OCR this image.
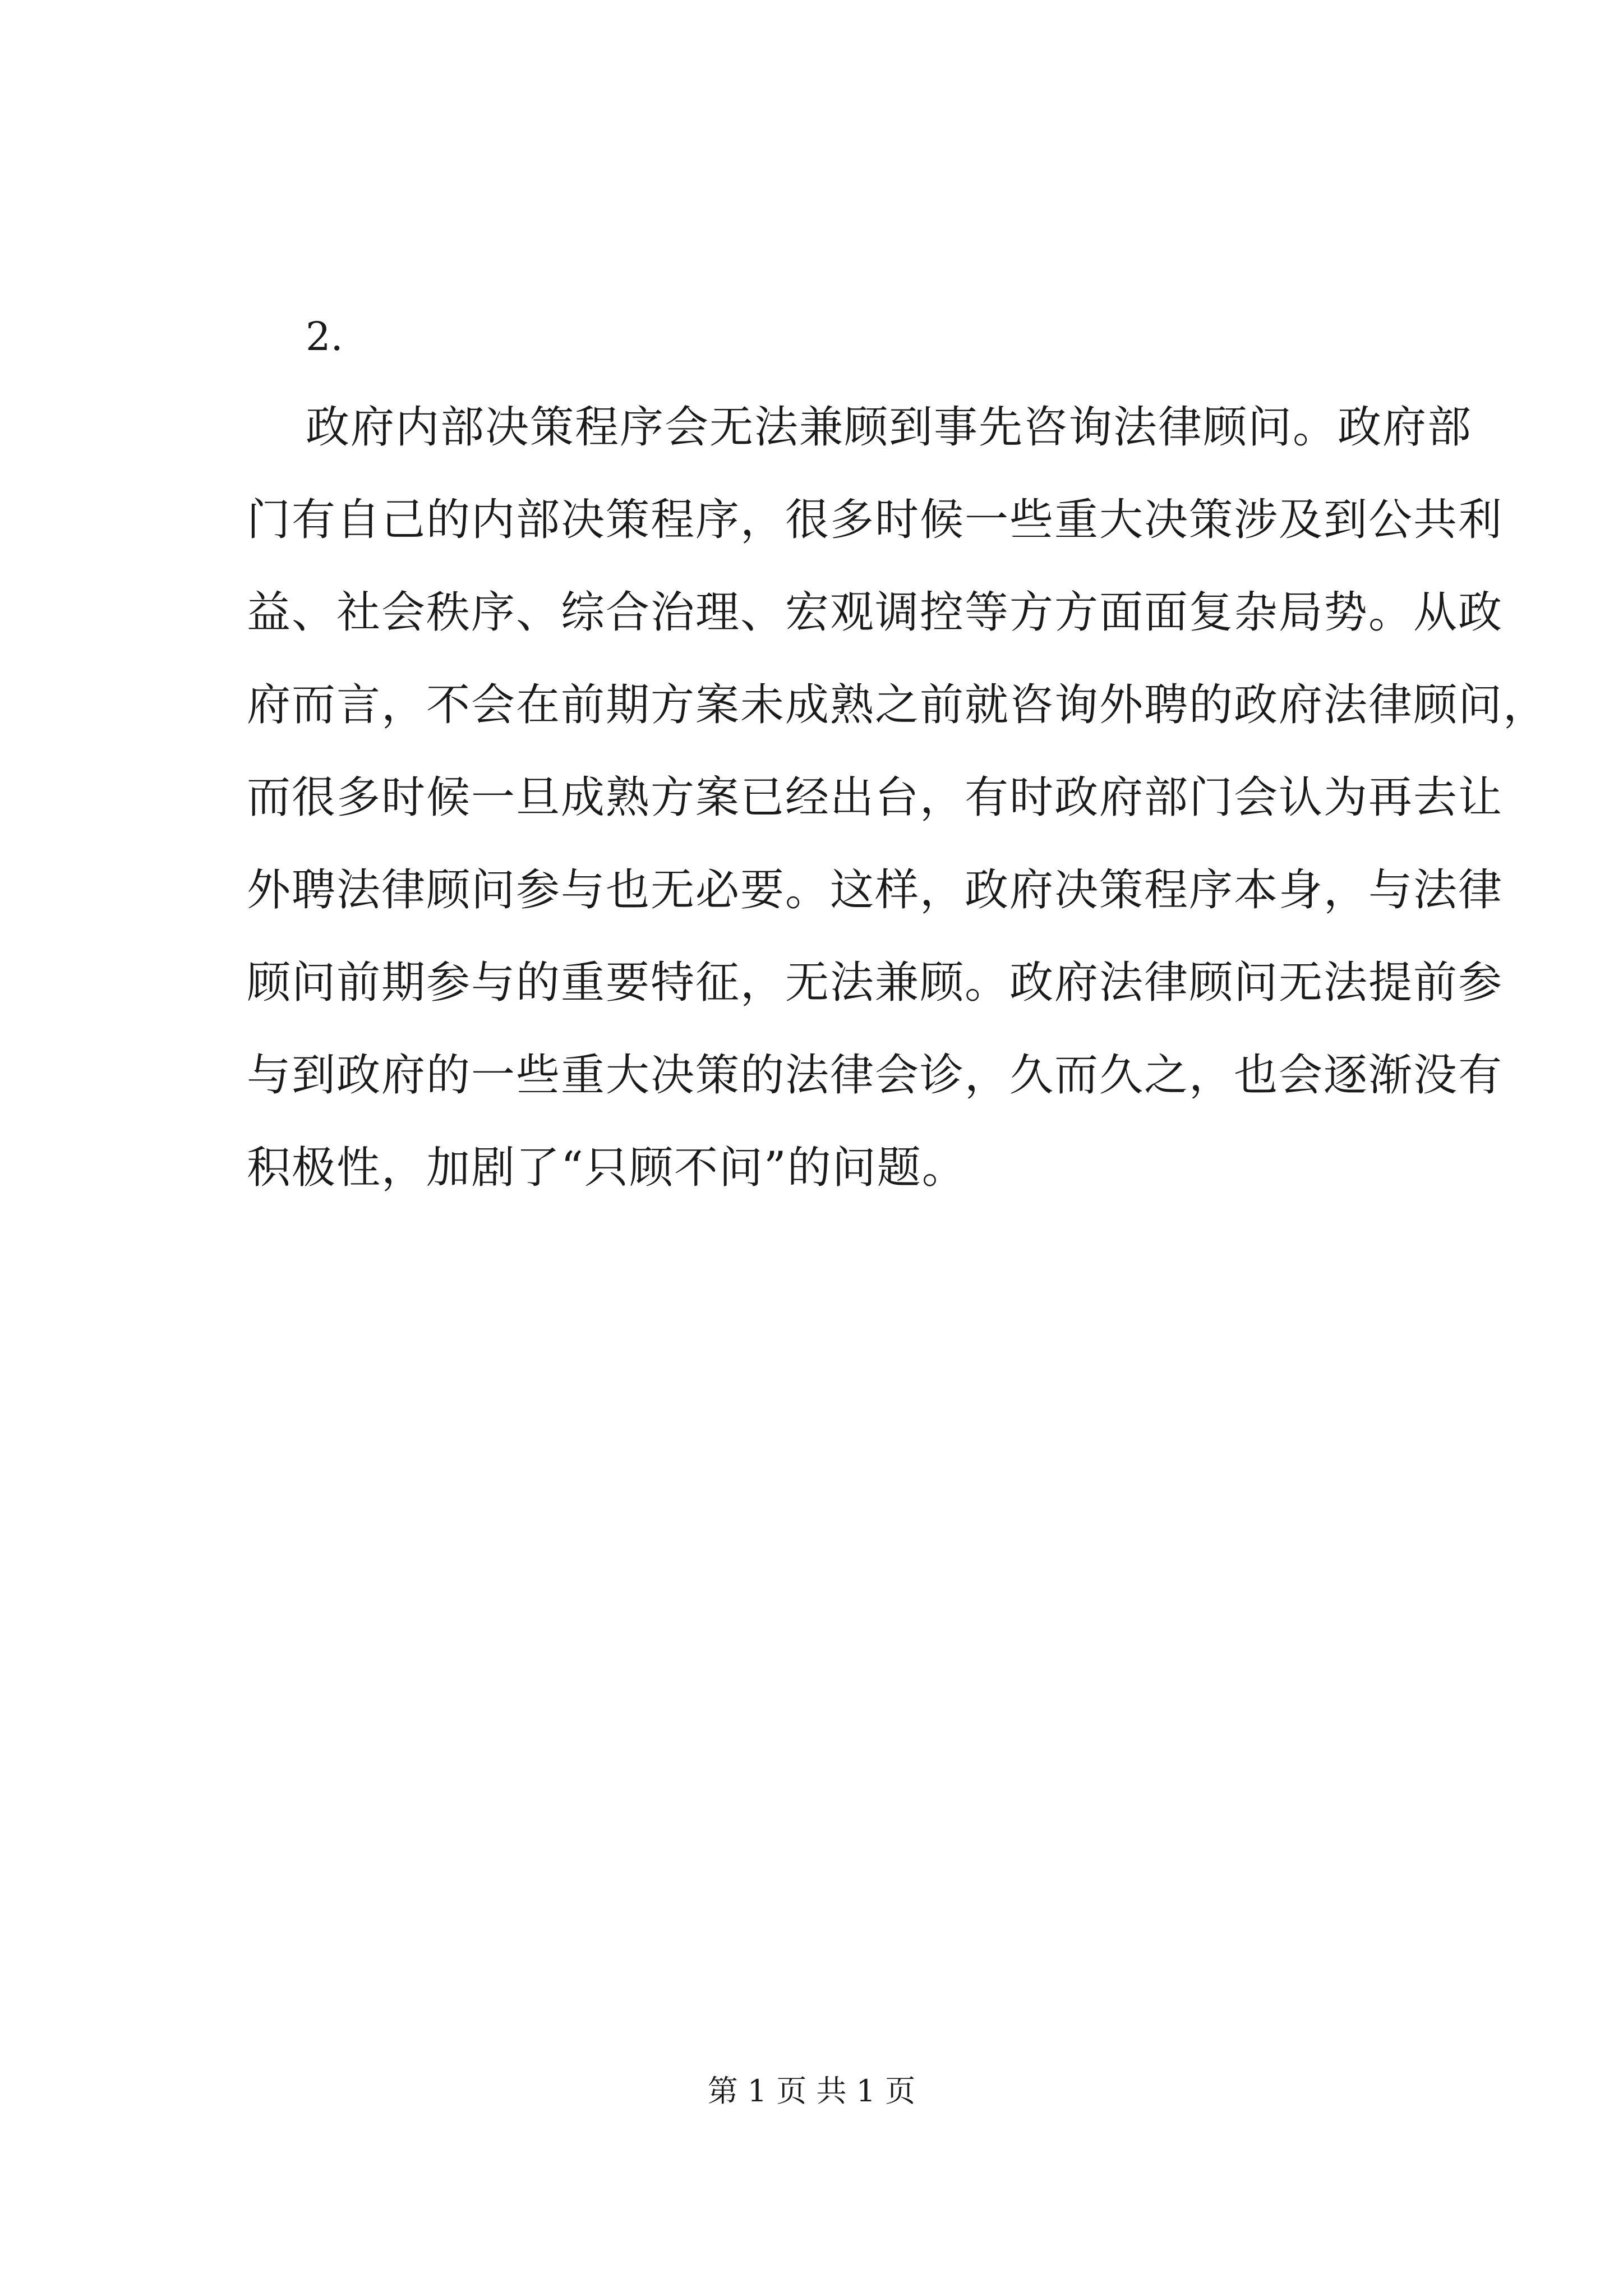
2.

政府内部决策程序会无法兼顾到事先咨询法律顾问。政府部
门有自己的内部决策程序，很多时候一些重大决策涉及到公共利
益、社会秩序、综合治理、宏观调控等方方面面复杂局势。从政
府而言，不会在前期方案未成熟之前就咨询外聘的政府法律顾问，
而很多时候一旦成熟方案已经出台，有时政府部门会认为再去让
外聘法律顾问参与也无必要。这样，政府决策程序本身，与法律
顾问前期参与的重要特征，无法兼顾。政府法律顾问无法提前参
与到政府的一些重大决策的法律会诊，久而久之，也会逐渐没有
积极性，加剧了“只顾不问”的问题。

第 1 页 共 1 页
